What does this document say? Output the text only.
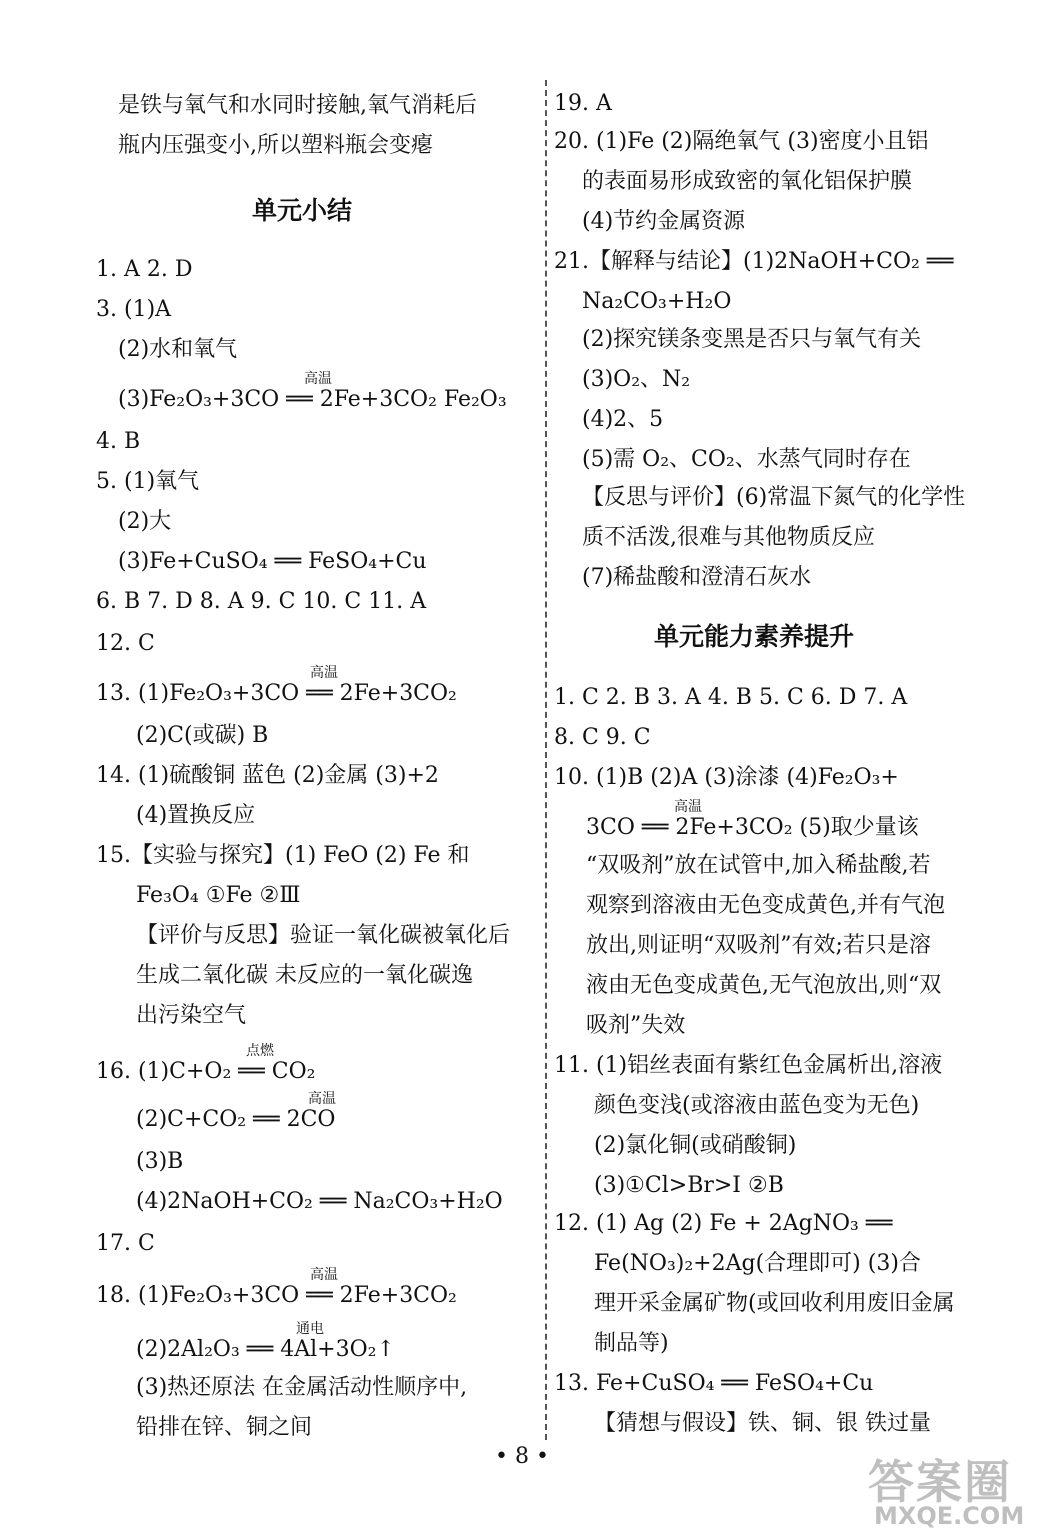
是铁与氧气和水同时接触,氧气消耗后
瓶内压强变小,所以塑料瓶会变瘪
单元小结
1. A 2. D
3. (1)A
(2)水和氧气
(3)Fe₂O₃+3CO ══ 2Fe+3CO₂ Fe₂O₃
高温
4. B
5. (1)氧气
(2)大
(3)Fe+CuSO₄ ══ FeSO₄+Cu
6. B 7. D 8. A 9. C 10. C 11. A
12. C
13. (1)Fe₂O₃+3CO ══ 2Fe+3CO₂
高温
(2)C(或碳) B
14. (1)硫酸铜 蓝色 (2)金属 (3)+2
(4)置换反应
15.【实验与探究】(1) FeO (2) Fe 和
Fe₃O₄ ①Fe ②Ⅲ
【评价与反思】验证一氧化碳被氧化后
生成二氧化碳 未反应的一氧化碳逸
出污染空气
16. (1)C+O₂ ══ CO₂
点燃
(2)C+CO₂ ══ 2CO
高温
(3)B
(4)2NaOH+CO₂ ══ Na₂CO₃+H₂O
17. C
18. (1)Fe₂O₃+3CO ══ 2Fe+3CO₂
高温
(2)2Al₂O₃ ══ 4Al+3O₂↑
通电
(3)热还原法 在金属活动性顺序中,
铅排在锌、铜之间
19. A
20. (1)Fe (2)隔绝氧气 (3)密度小且铝
的表面易形成致密的氧化铝保护膜
(4)节约金属资源
21.【解释与结论】(1)2NaOH+CO₂ ══
Na₂CO₃+H₂O
(2)探究镁条变黑是否只与氧气有关
(3)O₂、N₂
(4)2、5
(5)需 O₂、CO₂、水蒸气同时存在
【反思与评价】(6)常温下氮气的化学性
质不活泼,很难与其他物质反应
(7)稀盐酸和澄清石灰水
单元能力素养提升
1. C 2. B 3. A 4. B 5. C 6. D 7. A
8. C 9. C
10. (1)B (2)A (3)涂漆 (4)Fe₂O₃+
3CO ══ 2Fe+3CO₂ (5)取少量该
高温
“双吸剂”放在试管中,加入稀盐酸,若
观察到溶液由无色变成黄色,并有气泡
放出,则证明“双吸剂”有效;若只是溶
液由无色变成黄色,无气泡放出,则“双
吸剂”失效
11. (1)铝丝表面有紫红色金属析出,溶液
颜色变浅(或溶液由蓝色变为无色)
(2)氯化铜(或硝酸铜)
(3)①Cl>Br>I ②B
12. (1) Ag (2) Fe + 2AgNO₃ ══
Fe(NO₃)₂+2Ag(合理即可) (3)合
理开采金属矿物(或回收利用废旧金属
制品等)
13. Fe+CuSO₄ ══ FeSO₄+Cu
【猜想与假设】铁、铜、银 铁过量
• 8 •	答案圈
MXQE.COM
